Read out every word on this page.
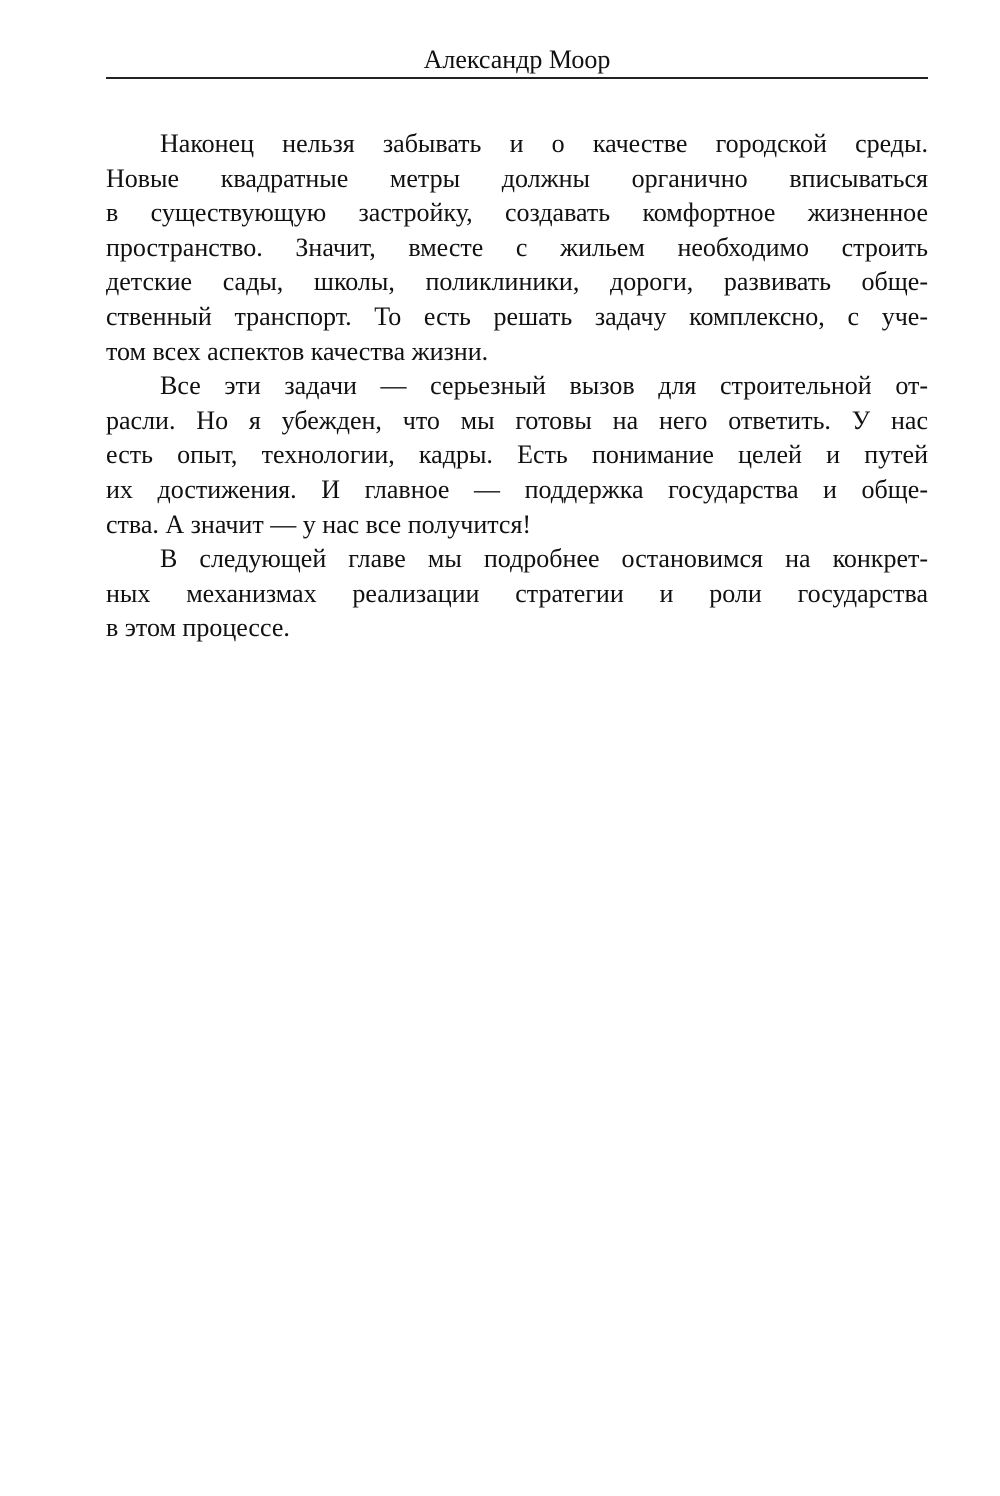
Александр Моор
Наконец нельзя забывать и о качестве городской среды.
Новые квадратные метры должны органично вписываться
в существующую застройку, создавать комфортное жизненное
пространство. Значит, вместе с жильем необходимо строить
детские сады, школы, поликлиники, дороги, развивать обще-
ственный транспорт. То есть решать задачу комплексно, с уче-
том всех аспектов качества жизни.
Все эти задачи — серьезный вызов для строительной от-
расли. Но я убежден, что мы готовы на него ответить. У нас
есть опыт, технологии, кадры. Есть понимание целей и путей
их достижения. И главное — поддержка государства и обще-
ства. А значит — у нас все получится!
В следующей главе мы подробнее остановимся на конкрет-
ных механизмах реализации стратегии и роли государства
в этом процессе.
